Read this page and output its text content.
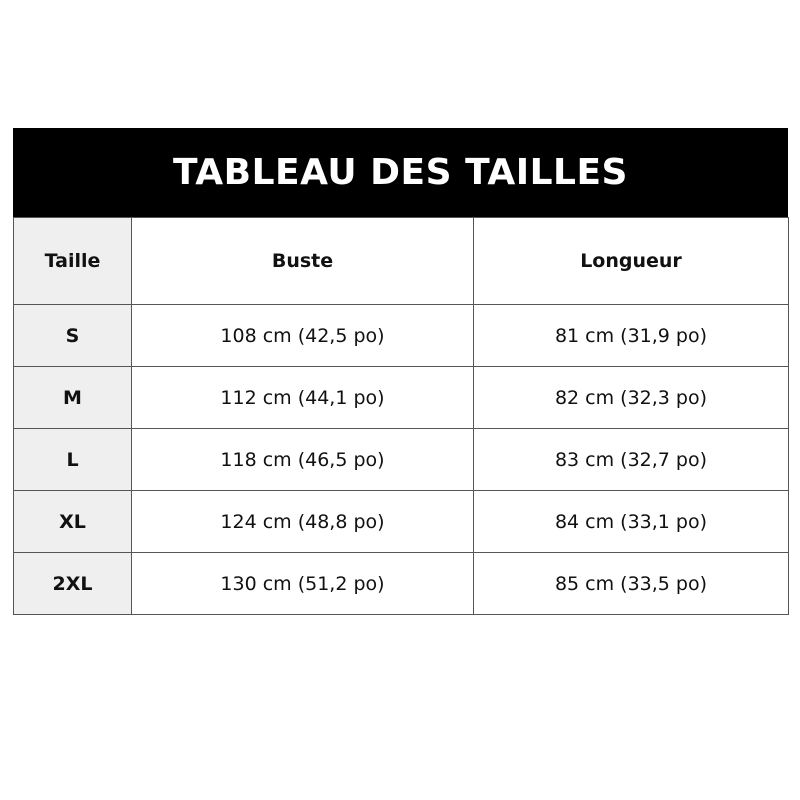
TABLEAU DES TAILLES
Taille	Buste	Longueur
S	108 cm (42,5 po)	81 cm (31,9 po)
M	112 cm (44,1 po)	82 cm (32,3 po)
L	118 cm (46,5 po)	83 cm (32,7 po)
XL	124 cm (48,8 po)	84 cm (33,1 po)
2XL	130 cm (51,2 po)	85 cm (33,5 po)
